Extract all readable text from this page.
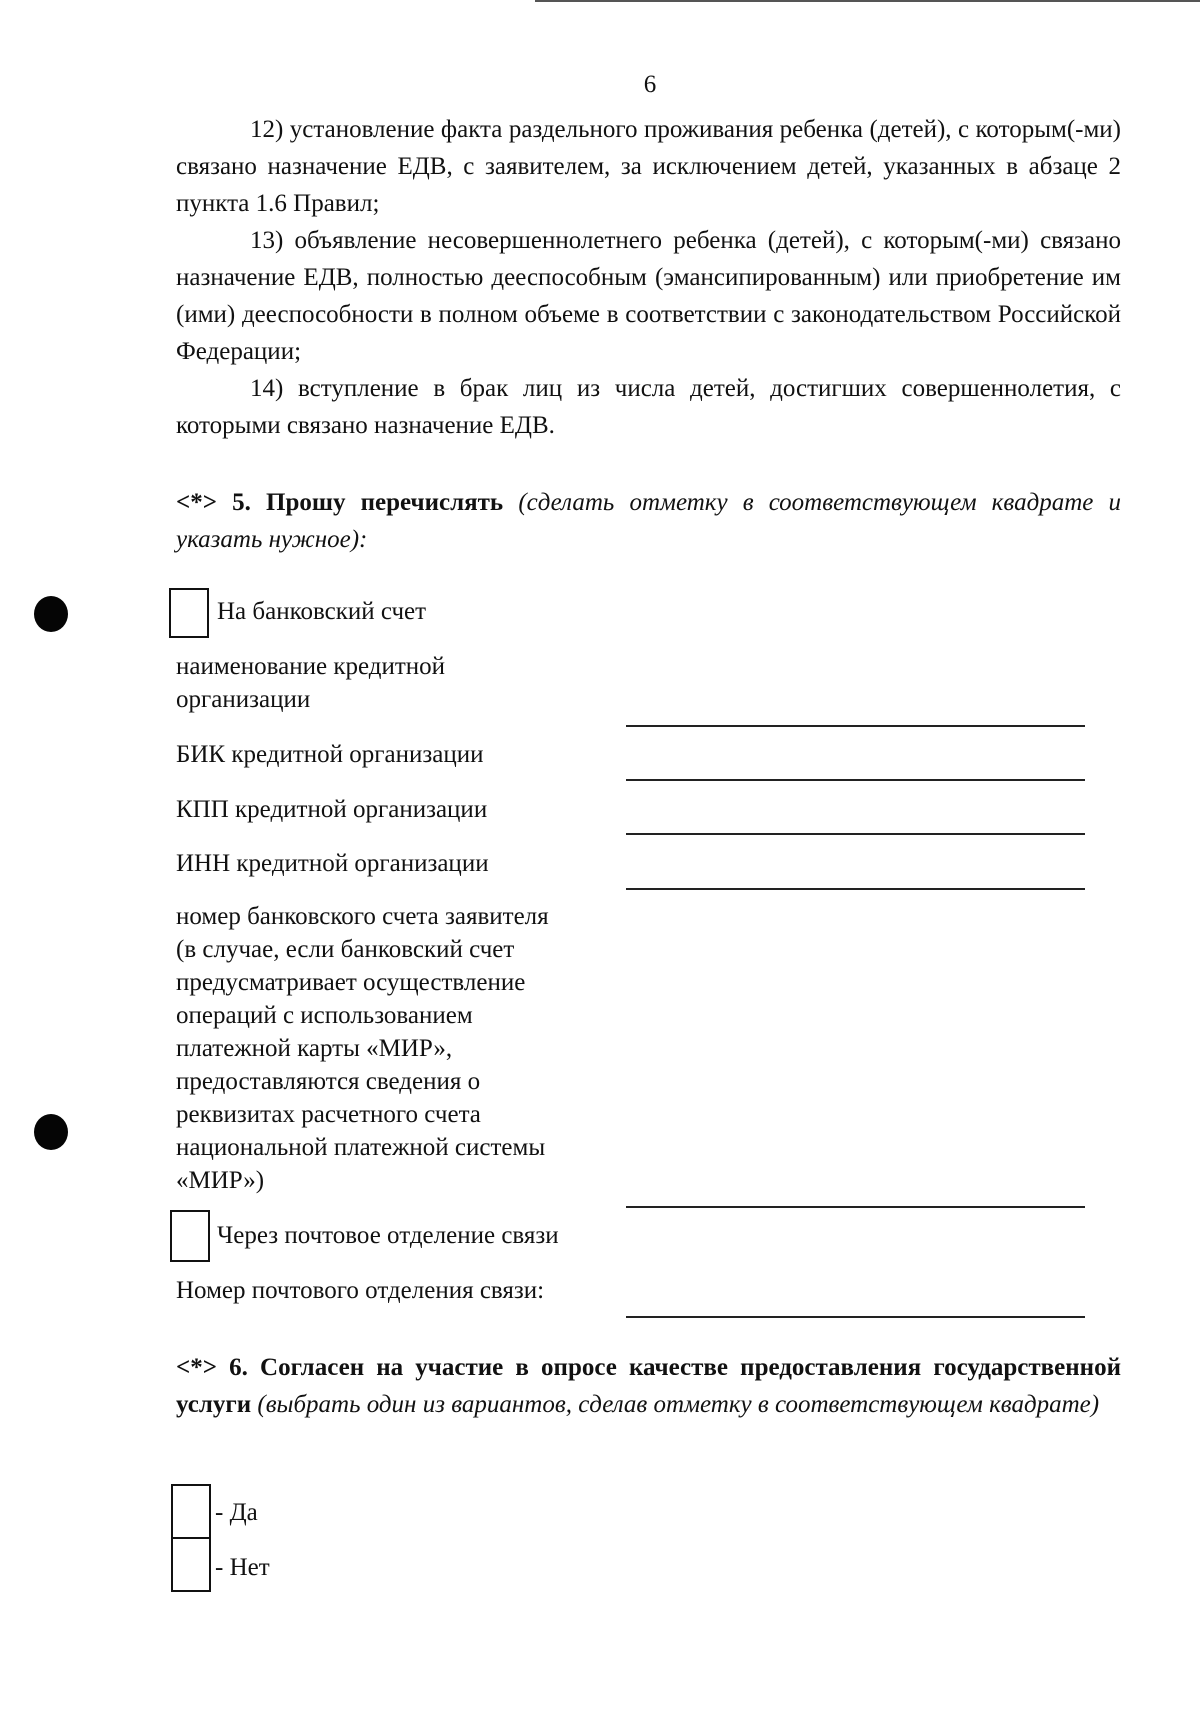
6

12) установление факта раздельного проживания ребенка (детей), с которым(-ми) связано назначение ЕДВ, с заявителем, за исключением детей, указанных в абзаце 2 пункта 1.6 Правил;

13) объявление несовершеннолетнего ребенка (детей), с которым(-ми) связано назначение ЕДВ, полностью дееспособным (эмансипированным) или приобретение им (ими) дееспособности в полном объеме в соответствии с законодательством Российской Федерации;

14) вступление в брак лиц из числа детей, достигших совершеннолетия, с которыми связано назначение ЕДВ.

<*> 5. Прошу перечислять (сделать отметку в соответствующем квадрате и указать нужное):

На банковский счет
наименование кредитной
организации
БИК кредитной организации
КПП кредитной организации
ИНН кредитной организации
номер банковского счета заявителя
(в случае, если банковский счет
предусматривает осуществление
операций с использованием
платежной карты «МИР»,
предоставляются сведения о
реквизитах расчетного счета
национальной платежной системы
«МИР»)
Через почтовое отделение связи
Номер почтового отделения связи:

<*> 6. Согласен на участие в опросе качестве предоставления государственной услуги (выбрать один из вариантов, сделав отметку в соответствующем квадрате)

- Да
- Нет
